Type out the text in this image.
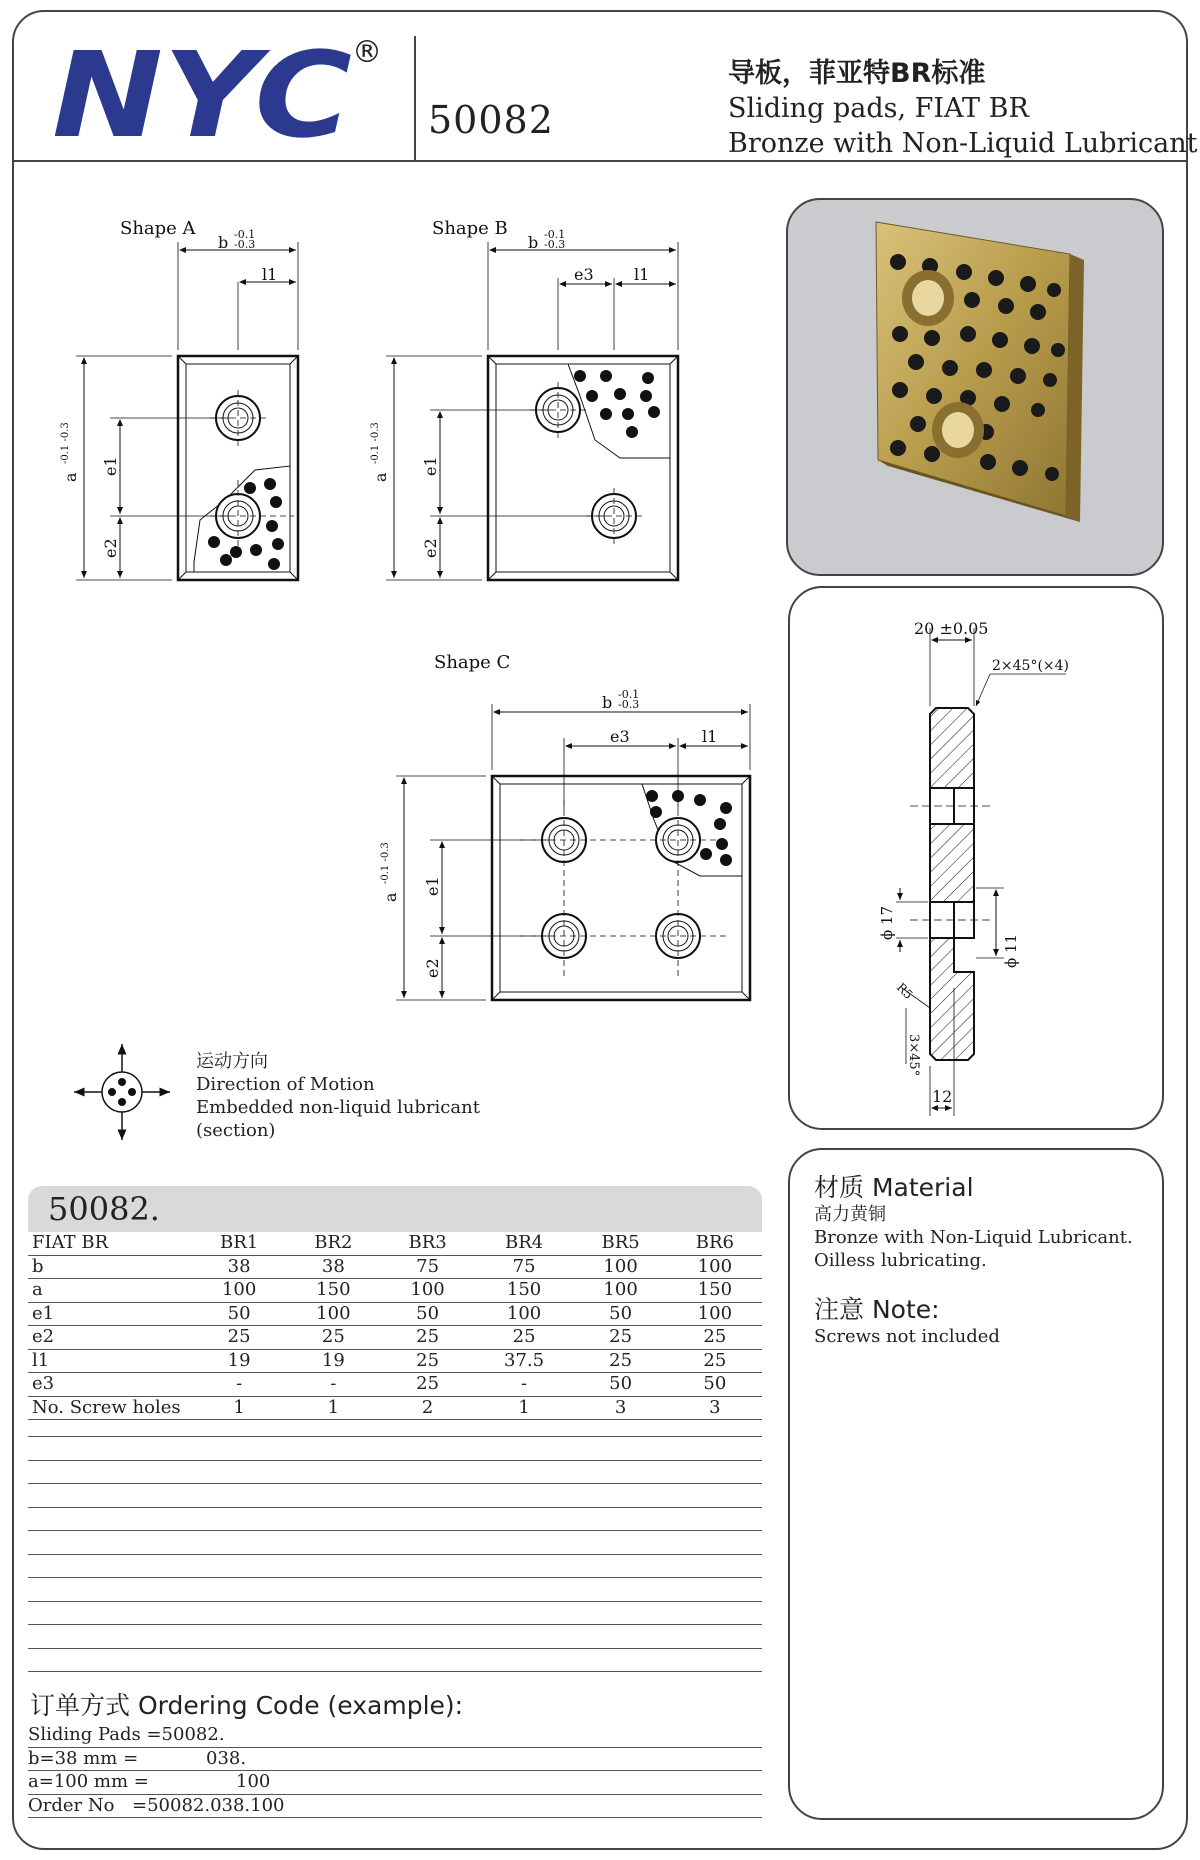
NYC ®
50082
导板，菲亚特BR标准
Sliding pads, FIAT BR
Bronze with Non-Liquid Lubricant
Shape A
b -0.1
-0.3
l1
a
-0.1 -0.3
e1
e2
Shape B
b -0.1
-0.3
e3	l1
a
-0.1 -0.3
e1
e2
Shape C
b -0.1
-0.3
e3	l1
a
-0.1 -0.3
e1
e2
运动方向
Direction of Motion
Embedded non-liquid lubricant
(section)
20 ±0.05
2×45°(×4)
ϕ 17
ϕ 11
R5
3×45°
12
材质 Material
高力黄铜
Bronze with Non-Liquid Lubricant.
Oilless lubricating.
注意 Note:
Screws not included
50082.
FIAT BR	BR1	BR2	BR3	BR4	BR5	BR6
b	38	38	75	75	100	100
a	100	150	100	150	100	150
e1	50	100	50	100	50	100
e2	25	25	25	25	25	25
l1	19	19	25	37.5	25	25
e3	-	-	25	-	50	50
No. Screw holes	1	1	2	1	3	3
订单方式 Ordering Code (example):
Sliding Pads =50082.
b=38 mm =	038.
a=100 mm =	100
Order No =50082.038.100
